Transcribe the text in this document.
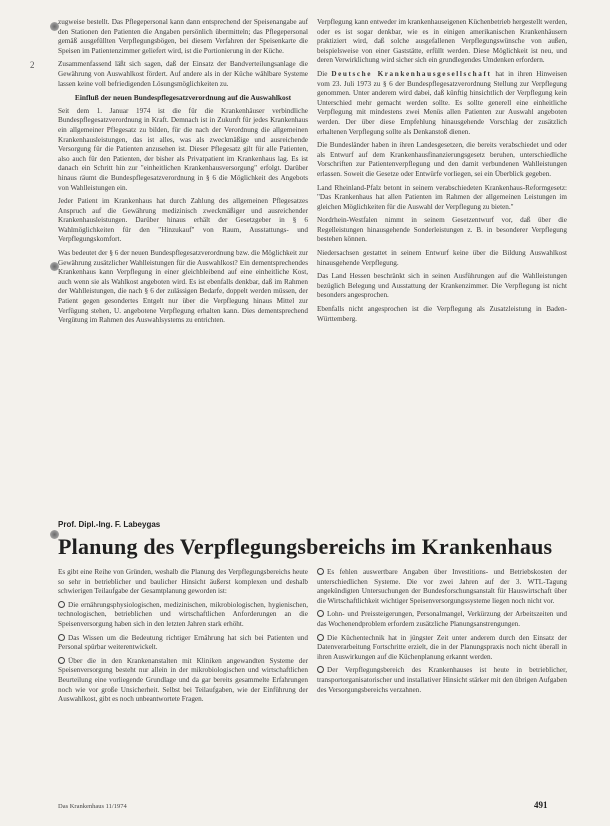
2

zugweise bestellt. Das Pflegepersonal kann dann entsprechend der Speisenangabe auf den Stationen den Patienten die Angaben persönlich übermitteln; das Pflegepersonal gemäß ausgefüllten Verpflegungsbögen, bei diesem Verfahren der Speisenkarte die Speisen im Patientenzimmer geliefert wird, ist die Portionierung in der Küche.

Zusammenfassend läßt sich sagen, daß der Einsatz der Bandverteilungsanlage die Gewährung von Auswahlkost fördert. Auf andere als in der Küche wählbare Systeme lassen keine voll befriedigenden Lösungsmöglichkeiten zu.

Einfluß der neuen Bundespflegesatzverordnung auf die Auswahlkost

Seit dem 1. Januar 1974 ist die für die Krankenhäuser verbindliche Bundespflegesatzverordnung in Kraft. Demnach ist in Zukunft für jedes Krankenhaus ein allgemeiner Pflegesatz zu bilden, für die nach der Verordnung die allgemeinen Krankenhausleistungen, das ist alles, was als zweckmäßige und ausreichende Versorgung für die Patienten anzusehen ist. Dieser Pflegesatz gilt für alle Patienten, also auch für den Patienten, der bisher als Privatpatient im Krankenhaus lag. Es ist danach ein Schritt hin zur "einheitlichen Krankenhausversorgung" erfolgt. Darüber hinaus räumt die Bundespflegesatzverordnung in § 6 die Möglichkeit des Angebots von Wahlleistungen ein.

Jeder Patient im Krankenhaus hat durch Zahlung des allgemeinen Pflegesatzes Anspruch auf die Gewährung medizinisch zweckmäßiger und ausreichender Krankenhausleistungen. Darüber hinaus erhält der Gesetzgeber in § 6 Wahlmöglichkeiten für den "Hinzukauf" von Raum, Ausstattungs- und Verpflegungskomfort.

Was bedeutet der § 6 der neuen Bundespflegesatzverordnung bzw. die Möglichkeit zur Gewährung zusätzlicher Wahlleistungen für die Auswahlkost? Ein dementsprechendes Krankenhaus kann Verpflegung in einer gleichbleibend auf eine einheitliche Kost, auch wenn sie als Wahlkost angeboten wird. Es ist ebenfalls denkbar, daß im Rahmen der Wahlleistungen, die nach § 6 der zulässigen Bedarfe, doppelt werden müssen, der Patient gegen gesondertes Entgelt nur über die Verpflegung hinaus Mittel zur Verfügung stehen, U. angebotene Verpflegung erhalten kann. Dies dementsprechend Vergütung im Rahmen des Auswahlsystems zu entrichten.

Verpflegung kann entweder im krankenhauseigenen Küchenbetrieb hergestellt werden, oder es ist sogar denkbar, wie es in einigen amerikanischen Krankenhäusern praktiziert wird, daß solche ausgefallenen Verpflegungswünsche von außen, beispielsweise von einer Gaststätte, erfüllt werden. Diese Möglichkeit ist neu, und deren Verwirklichung wird sicher sich ein grundlegendes Umdenken erfordern.

Die Deutsche Krankenhausgesellschaft hat in ihren Hinweisen vom 23. Juli 1973 zu § 6 der Bundespflegesatzverordnung Stellung zur Verpflegung genommen. Unter anderem wird dabei, daß künftig hinsichtlich der Verpflegung kein Unterschied mehr gemacht werden sollte. Es sollte generell eine einheitliche Verpflegung mit mindestens zwei Menüs allen Patienten zur Auswahl angeboten werden. Der über diese Empfehlung hinausgehende Vorschlag der zusätzlich erhaltenen Verpflegung sollte als Denkanstoß dienen.

Die Bundesländer haben in ihren Landesgesetzen, die bereits verabschiedet und oder als Entwurf auf dem Krankenhausfinanzierungsgesetz beruhen, unterschiedliche Vorschriften zur Patientenverpflegung und den damit verbundenen Wahlleistungen erlassen. Soweit die Gesetze oder Entwürfe vorliegen, sei ein Überblick gegeben.

Land Rheinland-Pfalz betont in seinem verabschiedeten Krankenhaus-Reformgesetz: "Das Krankenhaus hat allen Patienten im Rahmen der allgemeinen Leistungen im gleichen Möglichkeiten für die Auswahl der Verpflegung zu bieten."

Nordrhein-Westfalen nimmt in seinem Gesetzentwurf vor, daß über die Regelleistungen hinausgehende Sonderleistungen z. B. in besonderer Verpflegung bestehen können.

Niedersachsen gestattet in seinem Entwurf keine über die Bildung Auswahlkost hinausgehende Verpflegung.

Das Land Hessen beschränkt sich in seinen Ausführungen auf die Wahlleistungen bezüglich Belegung und Ausstattung der Krankenzimmer. Die Verpflegung ist nicht besonders angesprochen.

Ebenfalls nicht angesprochen ist die Verpflegung als Zusatzleistung in Baden-Württemberg.

Prof. Dipl.-Ing. F. Labeygas
Planung des Verpflegungsbereichs im Krankenhaus

Es gibt eine Reihe von Gründen, weshalb die Planung des Verpflegungsbereichs heute so sehr in betrieblicher und baulicher Hinsicht äußerst komplexen und deshalb schwierigen Teilaufgabe der Gesamtplanung geworden ist:

Die ernährungsphysiologischen, medizinischen, mikrobiologischen, hygienischen, technologischen, betrieblichen und wirtschaftlichen Anforderungen an die Speisenversorgung haben sich in den letzten Jahren stark erhöht.

Das Wissen um die Bedeutung richtiger Ernährung hat sich bei Patienten und Personal spürbar weiterentwickelt.

Über die in den Krankenanstalten mit Kliniken angewandten Systeme der Speisenversorgung besteht nur allein in der mikrobiologischen und wirtschaftlichen Beurteilung eine vorliegende Grundlage und da gar bereits gesammelte Erfahrungen noch wie vor große Unsicherheit. Selbst bei Teilaufgaben, wie der Einführung der Auswahlkost, gibt es noch unbeantwortete Fragen.

Es fehlen auswertbare Angaben über Investitions- und Betriebskosten der unterschiedlichen Systeme. Die vor zwei Jahren auf der 3. WTL-Tagung angekündigten Untersuchungen der Bundesforschungsanstalt für Hauswirtschaft über die Wirtschaftlichkeit wichtiger Speisenversorgungssysteme liegen noch nicht vor.

Lohn- und Preissteigerungen, Personalmangel, Verkürzung der Arbeitszeiten und das Wochenendproblem erfordern zusätzliche Planungsanstrengungen.

Die Küchentechnik hat in jüngster Zeit unter anderem durch den Einsatz der Datenverarbeitung Fortschritte erzielt, die in der Planungspraxis noch nicht überall in ihren Auswirkungen auf die Küchenplanung erkannt werden.

Der Verpflegungsbereich des Krankenhauses ist heute in betrieblicher, transportorganisatorischer und installativer Hinsicht stärker mit den übrigen Aufgaben des Versorgungsbereichs verzahnen.

Das Krankenhaus 11/1974	491
